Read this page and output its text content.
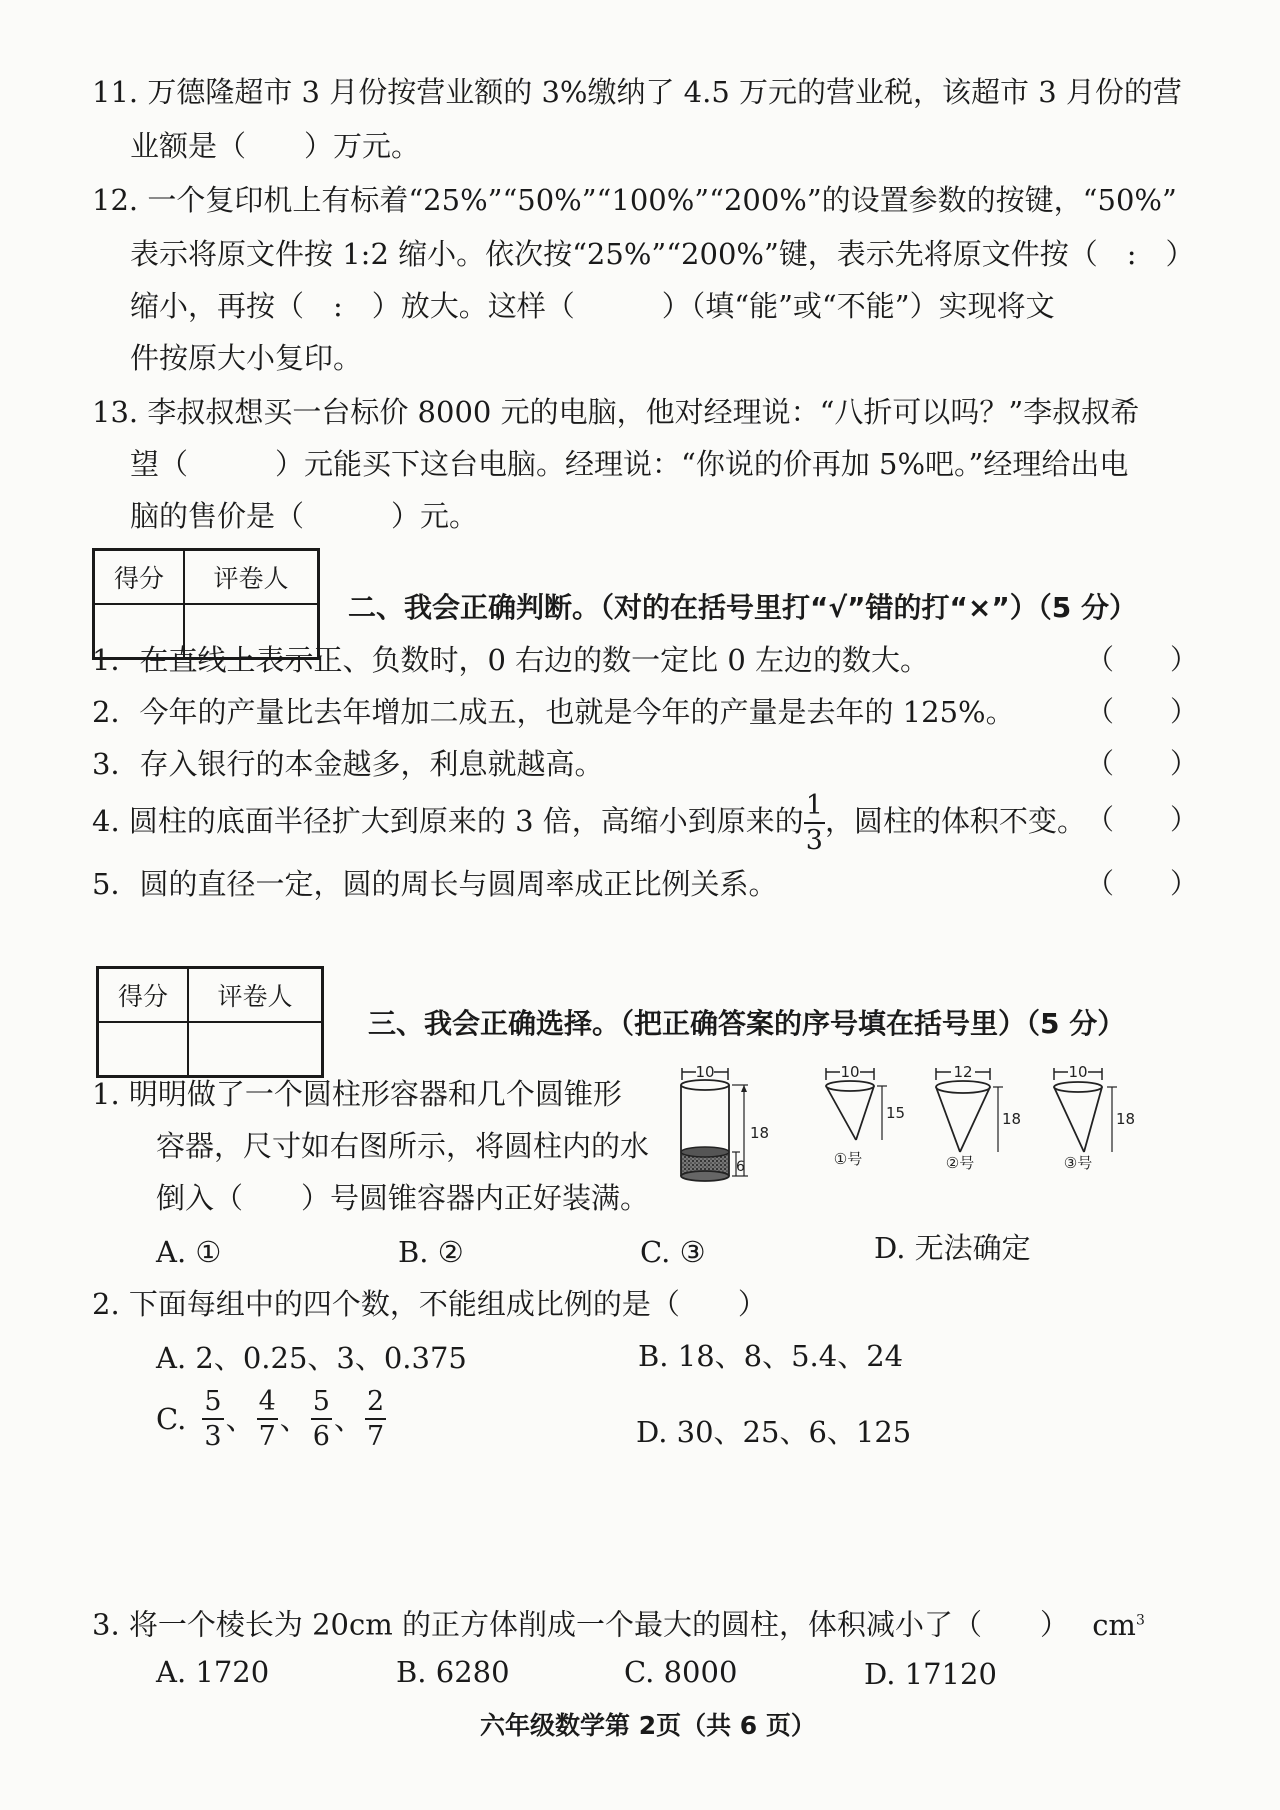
11. 万德隆超市 3 月份按营业额的 3%缴纳了 4.5 万元的营业税，该超市 3 月份的营
业额是（　　）万元。
12. 一个复印机上有标着“25%”“50%”“100%”“200%”的设置参数的按键，“50%”
表示将原文件按 1:2 缩小。依次按“25%”“200%”键，表示先将原文件按（　:　）
缩小，再按（　:　）放大。这样（　　　）（填“能”或“不能”）实现将文
件按原大小复印。
13. 李叔叔想买一台标价 8000 元的电脑，他对经理说：“八折可以吗？”李叔叔希
望（　　　）元能买下这台电脑。经理说：“你说的价再加 5%吧。”经理给出电
脑的售价是（　　　）元。
得分	评卷人

二、我会正确判断。（对的在括号里打“√”错的打“×”）（5 分）
1．在直线上表示正、负数时，0 右边的数一定比 0 左边的数大。	（　　）
2．今年的产量比去年增加二成五，也就是今年的产量是去年的 125%。	（　　）
3．存入银行的本金越多，利息就越高。	（　　）
4. 圆柱的底面半径扩大到原来的 3 倍，高缩小到原来的 $\frac{1}{3}$ ，圆柱的体积不变。 （　　）
5．圆的直径一定，圆的周长与圆周率成正比例关系。	（　　）
得分	评卷人

三、我会正确选择。（把正确答案的序号填在括号里）（5 分）
1. 明明做了一个圆柱形容器和几个圆锥形
容器，尺寸如右图所示，将圆柱内的水
倒入（　　）号圆锥容器内正好装满。
10
18
6
10
15
①号
12
18
②号
10
18
③号
A. ①	B. ②	C. ③	D. 无法确定
2. 下面每组中的四个数，不能组成比例的是（　　）
A. 2、0.25、3、0.375	B. 18、8、5.4、24
C. $\frac{5}{3}$ 、 $\frac{4}{7}$ 、 $\frac{5}{6}$ 、 $\frac{2}{7}$	D. 30、25、6、125
3. 将一个棱长为 20cm 的正方体削成一个最大的圆柱，体积减小了（　　） $cm^3$
A. 1720	B. 6280	C. 8000	D. 17120
六年级数学第 2页（共 6 页）
